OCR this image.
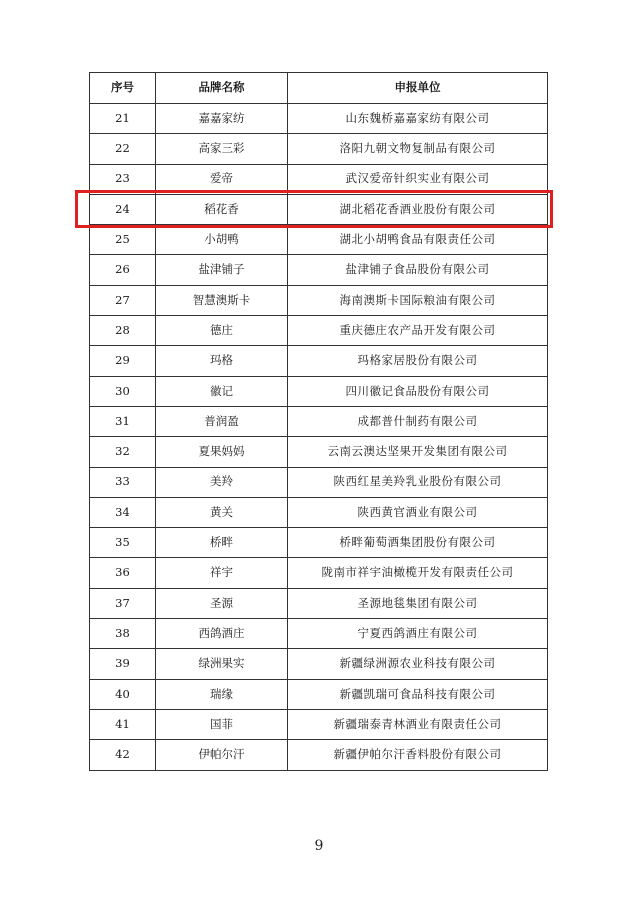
序号	品牌名称	申报单位
21	嘉嘉家纺	山东魏桥嘉嘉家纺有限公司
22	高家三彩	洛阳九朝文物复制品有限公司
23	爱帝	武汉爱帝针织实业有限公司
24	稻花香	湖北稻花香酒业股份有限公司
25	小胡鸭	湖北小胡鸭食品有限责任公司
26	盐津铺子	盐津铺子食品股份有限公司
27	智慧澳斯卡	海南澳斯卡国际粮油有限公司
28	德庄	重庆德庄农产品开发有限公司
29	玛格	玛格家居股份有限公司
30	徽记	四川徽记食品股份有限公司
31	普润盈	成都普什制药有限公司
32	夏果妈妈	云南云澳达坚果开发集团有限公司
33	美羚	陕西红星美羚乳业股份有限公司
34	黄关	陕西黄官酒业有限公司
35	桥畔	桥畔葡萄酒集团股份有限公司
36	祥宇	陇南市祥宇油橄榄开发有限责任公司
37	圣源	圣源地毯集团有限公司
38	西鸽酒庄	宁夏西鸽酒庄有限公司
39	绿洲果实	新疆绿洲源农业科技有限公司
40	瑞缘	新疆凯瑞可食品科技有限公司
41	国菲	新疆瑞泰青林酒业有限责任公司
42	伊帕尔汗	新疆伊帕尔汗香料股份有限公司
9
